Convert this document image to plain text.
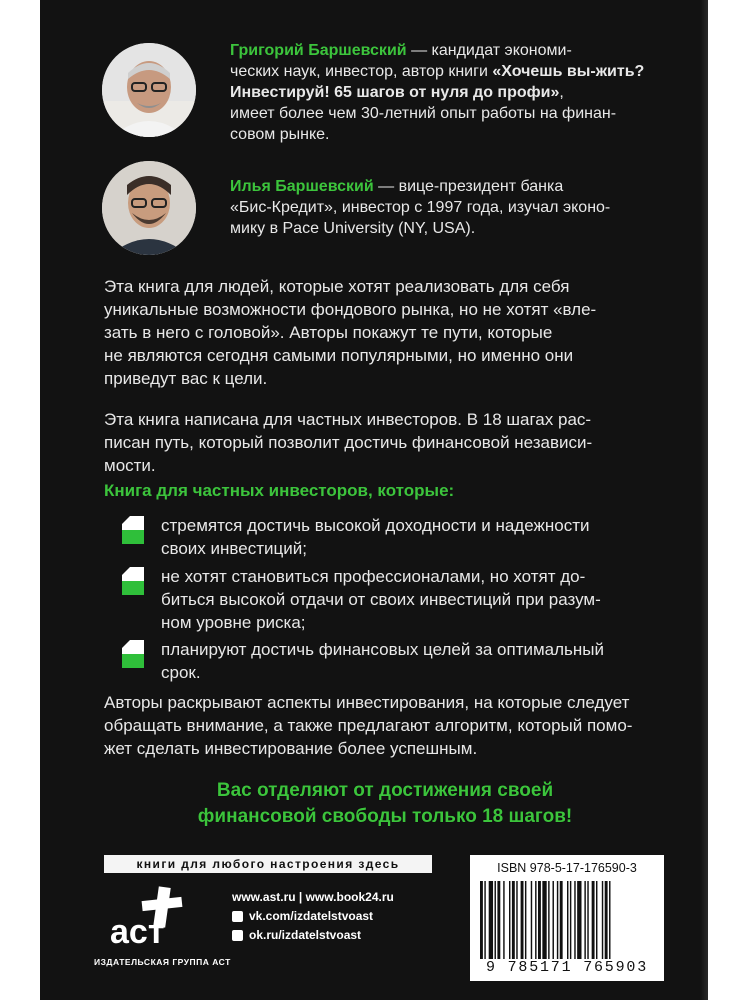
Григорий Баршевский — кандидат экономи-
ческих наук, инвестор, автор книги «Хочешь вы-жить? Инвестируй! 65 шагов от нуля до профи»,
имеет более чем 30-летний опыт работы на финан-
совом рынке.
Илья Баршевский — вице-президент банка
«Бис-Кредит», инвестор с 1997 года, изучал эконо-
мику в Pace University (NY, USA).
Эта книга для людей, которые хотят реализовать для себя
уникальные возможности фондового рынка, но не хотят «вле-
зать в него с головой». Авторы покажут те пути, которые
не являются сегодня самыми популярными, но именно они
приведут вас к цели.
Эта книга написана для частных инвесторов. В 18 шагах рас-
писан путь, который позволит достичь финансовой независи-
мости.
Книга для частных инвесторов, которые:
стремятся достичь высокой доходности и надежности
своих инвестиций;
не хотят становиться профессионалами, но хотят до-
биться высокой отдачи от своих инвестиций при разум-
ном уровне риска;
планируют достичь финансовых целей за оптимальный
срок.
Авторы раскрывают аспекты инвестирования, на которые следует
обращать внимание, а также предлагают алгоритм, который помо-
жет сделать инвестирование более успешным.
Вас отделяют от достижения своей
финансовой свободы только 18 шагов!
книги для любого настроения здесь
аст
ИЗДАТЕЛЬСКАЯ ГРУППА АСТ
www.ast.ru | www.book24.ru
vk.com/izdatelstvoast
ok.ru/izdatelstvoast
ISBN 978-5-17-176590-3
9 785171 765903
